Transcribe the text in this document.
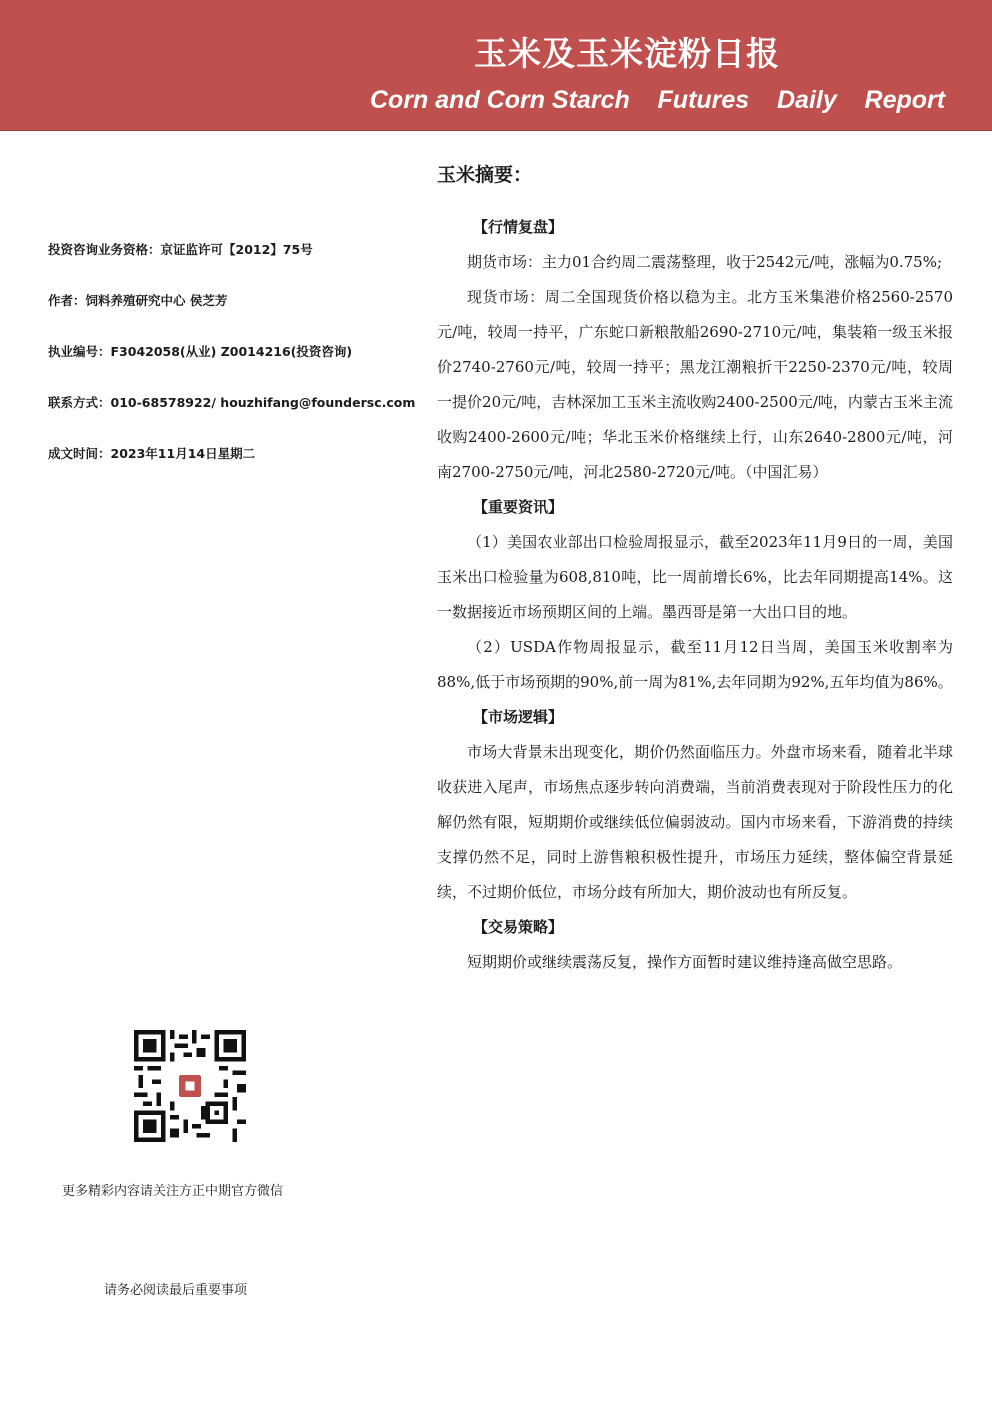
玉米及玉米淀粉日报
Corn and Corn Starch    Futures    Daily    Report
投资咨询业务资格：京证监许可【2012】75号
作者：饲料养殖研究中心 侯芝芳
执业编号：F3042058(从业) Z0014216(投资咨询)
联系方式：010-68578922/ houzhifang@foundersc.com
成文时间：2023年11月14日星期二
更多精彩内容请关注方正中期官方微信
请务必阅读最后重要事项
玉米摘要：
【行情复盘】

期货市场：主力01合约周二震荡整理，收于2542元/吨，涨幅为0.75%;

现货市场：周二全国现货价格以稳为主。北方玉米集港价格2560-2570元/吨，较周一持平，广东蛇口新粮散船2690-2710元/吨，集装箱一级玉米报价2740-2760元/吨，较周一持平；黑龙江潮粮折干2250-2370元/吨，较周一提价20元/吨，吉林深加工玉米主流收购2400-2500元/吨，内蒙古玉米主流收购2400-2600元/吨；华北玉米价格继续上行，山东2640-2800元/吨，河南2700-2750元/吨，河北2580-2720元/吨。（中国汇易）

【重要资讯】

（1）美国农业部出口检验周报显示，截至2023年11月9日的一周，美国玉米出口检验量为608,810吨，比一周前增长6%，比去年同期提高14%。这一数据接近市场预期区间的上端。墨西哥是第一大出口目的地。

（2）USDA作物周报显示，截至11月12日当周，美国玉米收割率为88%,低于市场预期的90%,前一周为81%,去年同期为92%,五年均值为86%。

【市场逻辑】

市场大背景未出现变化，期价仍然面临压力。外盘市场来看，随着北半球收获进入尾声，市场焦点逐步转向消费端，当前消费表现对于阶段性压力的化解仍然有限，短期期价或继续低位偏弱波动。国内市场来看，下游消费的持续支撑仍然不足，同时上游售粮积极性提升，市场压力延续，整体偏空背景延续，不过期价低位，市场分歧有所加大，期价波动也有所反复。

【交易策略】

短期期价或继续震荡反复，操作方面暂时建议维持逢高做空思路。
